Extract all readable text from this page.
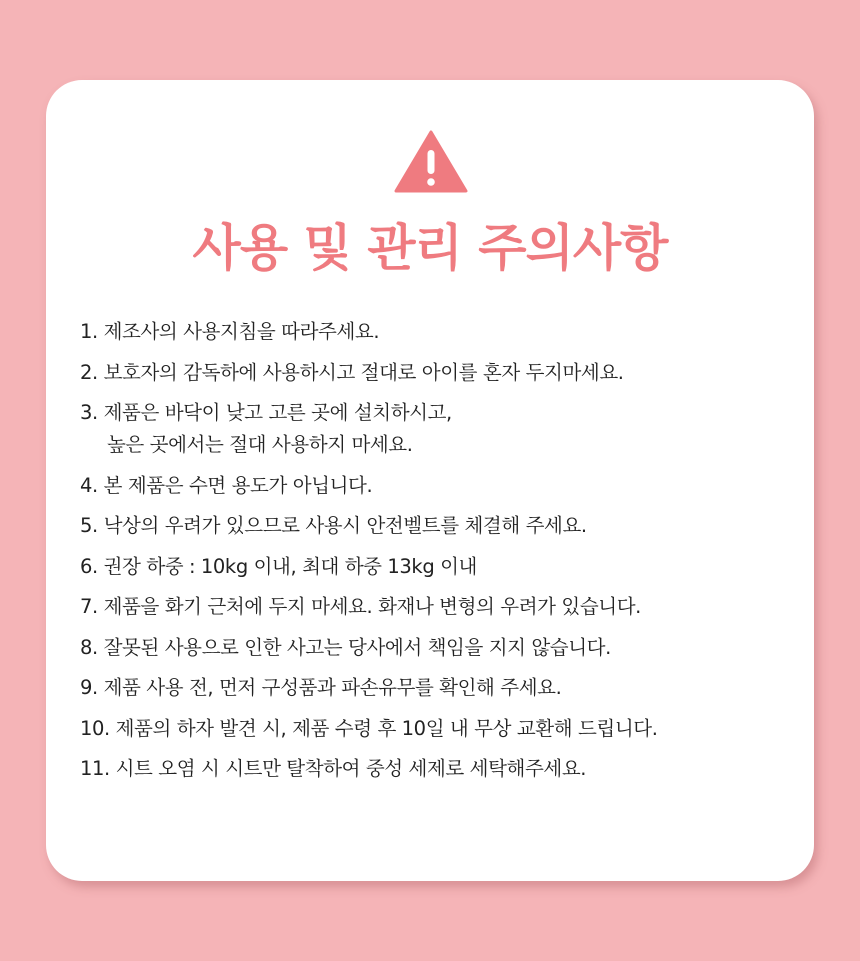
사용 및 관리 주의사항
1. 제조사의 사용지침을 따라주세요.
2. 보호자의 감독하에 사용하시고 절대로 아이를 혼자 두지마세요.
3. 제품은 바닥이 낮고 고른 곳에 설치하시고,
높은 곳에서는 절대 사용하지 마세요.
4. 본 제품은 수면 용도가 아닙니다.
5. 낙상의 우려가 있으므로 사용시 안전벨트를 체결해 주세요.
6. 권장 하중 : 10kg 이내, 최대 하중 13kg 이내
7. 제품을 화기 근처에 두지 마세요. 화재나 변형의 우려가 있습니다.
8. 잘못된 사용으로 인한 사고는 당사에서 책임을 지지 않습니다.
9. 제품 사용 전, 먼저 구성품과 파손유무를 확인해 주세요.
10. 제품의 하자 발견 시, 제품 수령 후 10일 내 무상 교환해 드립니다.
11. 시트 오염 시 시트만 탈착하여 중성 세제로 세탁해주세요.
